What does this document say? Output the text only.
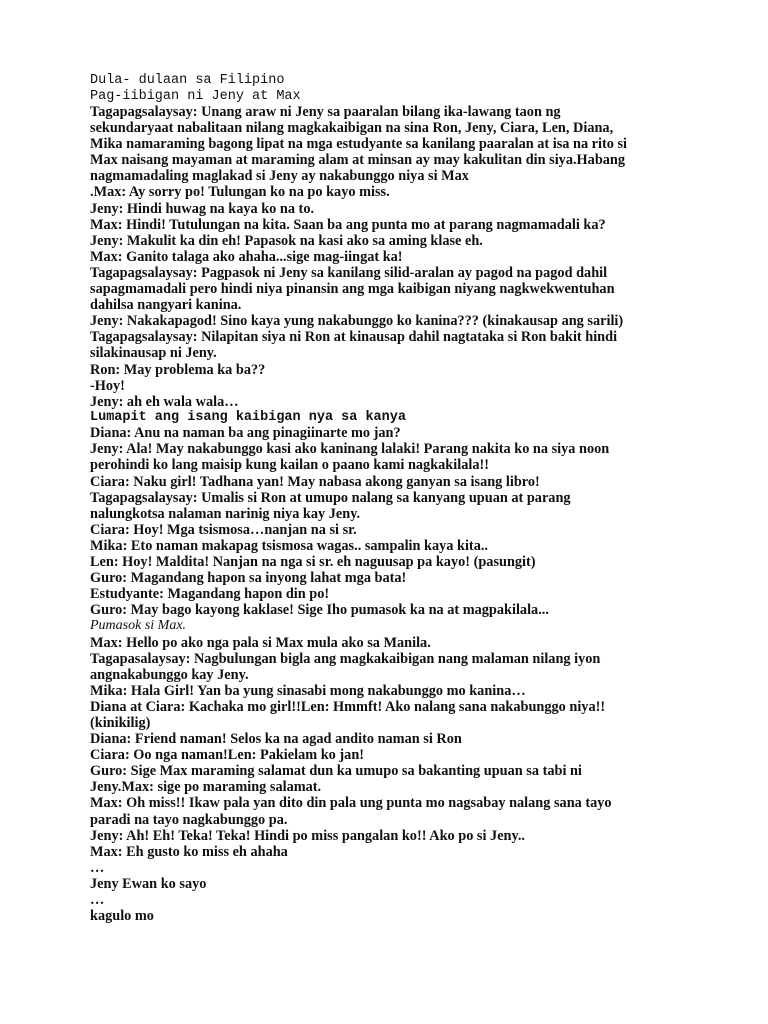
Dula- dulaan sa Filipino

Pag-iibigan ni Jeny at Max

Tagapagsalaysay: Unang araw ni Jeny sa paaralan bilang ika-lawang taon ng

sekundaryaat nabalitaan nilang magkakaibigan na sina Ron, Jeny, Ciara, Len, Diana,

Mika namaraming bagong lipat na mga estudyante sa kanilang paaralan at isa na rito si

Max naisang mayaman at maraming alam at minsan ay may kakulitan din siya.Habang

nagmamadaling maglakad si Jeny ay nakabunggo niya si Max

.Max: Ay sorry po! Tulungan ko na po kayo miss.

Jeny: Hindi huwag na kaya ko na to.

Max: Hindi! Tutulungan na kita. Saan ba ang punta mo at parang nagmamadali ka?

Jeny: Makulit ka din eh! Papasok na kasi ako sa aming klase eh.

Max: Ganito talaga ako ahaha...sige mag-iingat ka!

Tagapagsalaysay: Pagpasok ni Jeny sa kanilang silid-aralan ay pagod na pagod dahil

sapagmamadali pero hindi niya pinansin ang mga kaibigan niyang nagkwekwentuhan

dahilsa nangyari kanina.

Jeny: Nakakapagod! Sino kaya yung nakabunggo ko kanina??? (kinakausap ang sarili)

Tagapagsalaysay: Nilapitan siya ni Ron at kinausap dahil nagtataka si Ron bakit hindi

silakinausap ni Jeny.

Ron: May problema ka ba??

-Hoy!

Jeny: ah eh wala wala…

Lumapit ang isang kaibigan nya sa kanya

Diana: Anu na naman ba ang pinagiinarte mo jan?

Jeny: Ala! May nakabunggo kasi ako kaninang lalaki! Parang nakita ko na siya noon

perohindi ko lang maisip kung kailan o paano kami nagkakilala!!

Ciara: Naku girl! Tadhana yan! May nabasa akong ganyan sa isang libro!

Tagapagsalaysay: Umalis si Ron at umupo nalang sa kanyang upuan at parang

nalungkotsa nalaman narinig niya kay Jeny.

Ciara: Hoy! Mga tsismosa…nanjan na si sr.

Mika: Eto naman makapag tsismosa wagas.. sampalin kaya kita..

Len: Hoy! Maldita! Nanjan na nga si sr. eh naguusap pa kayo! (pasungit)

Guro: Magandang hapon sa inyong lahat mga bata!

Estudyante: Magandang hapon din po!

Guro: May bago kayong kaklase! Sige Iho pumasok ka na at magpakilala...

Pumasok si Max.

Max: Hello po ako nga pala si Max mula ako sa Manila.

Tagapasalaysay: Nagbulungan bigla ang magkakaibigan nang malaman nilang iyon

angnakabunggo kay Jeny.

Mika: Hala Girl! Yan ba yung sinasabi mong nakabunggo mo kanina…

Diana at Ciara: Kachaka mo girl!!Len: Hmmft! Ako nalang sana nakabunggo niya!!

(kinikilig)

Diana: Friend naman! Selos ka na agad andito naman si Ron

Ciara: Oo nga naman!Len: Pakielam ko jan!

Guro: Sige Max maraming salamat dun ka umupo sa bakanting upuan sa tabi ni

Jeny.Max: sige po maraming salamat.

Max: Oh miss!! Ikaw pala yan dito din pala ung punta mo nagsabay nalang sana tayo

paradi na tayo nagkabunggo pa.

Jeny: Ah! Eh! Teka! Teka! Hindi po miss pangalan ko!! Ako po si Jeny..

Max: Eh gusto ko miss eh ahaha

…

Jeny Ewan ko sayo

…

kagulo mo
